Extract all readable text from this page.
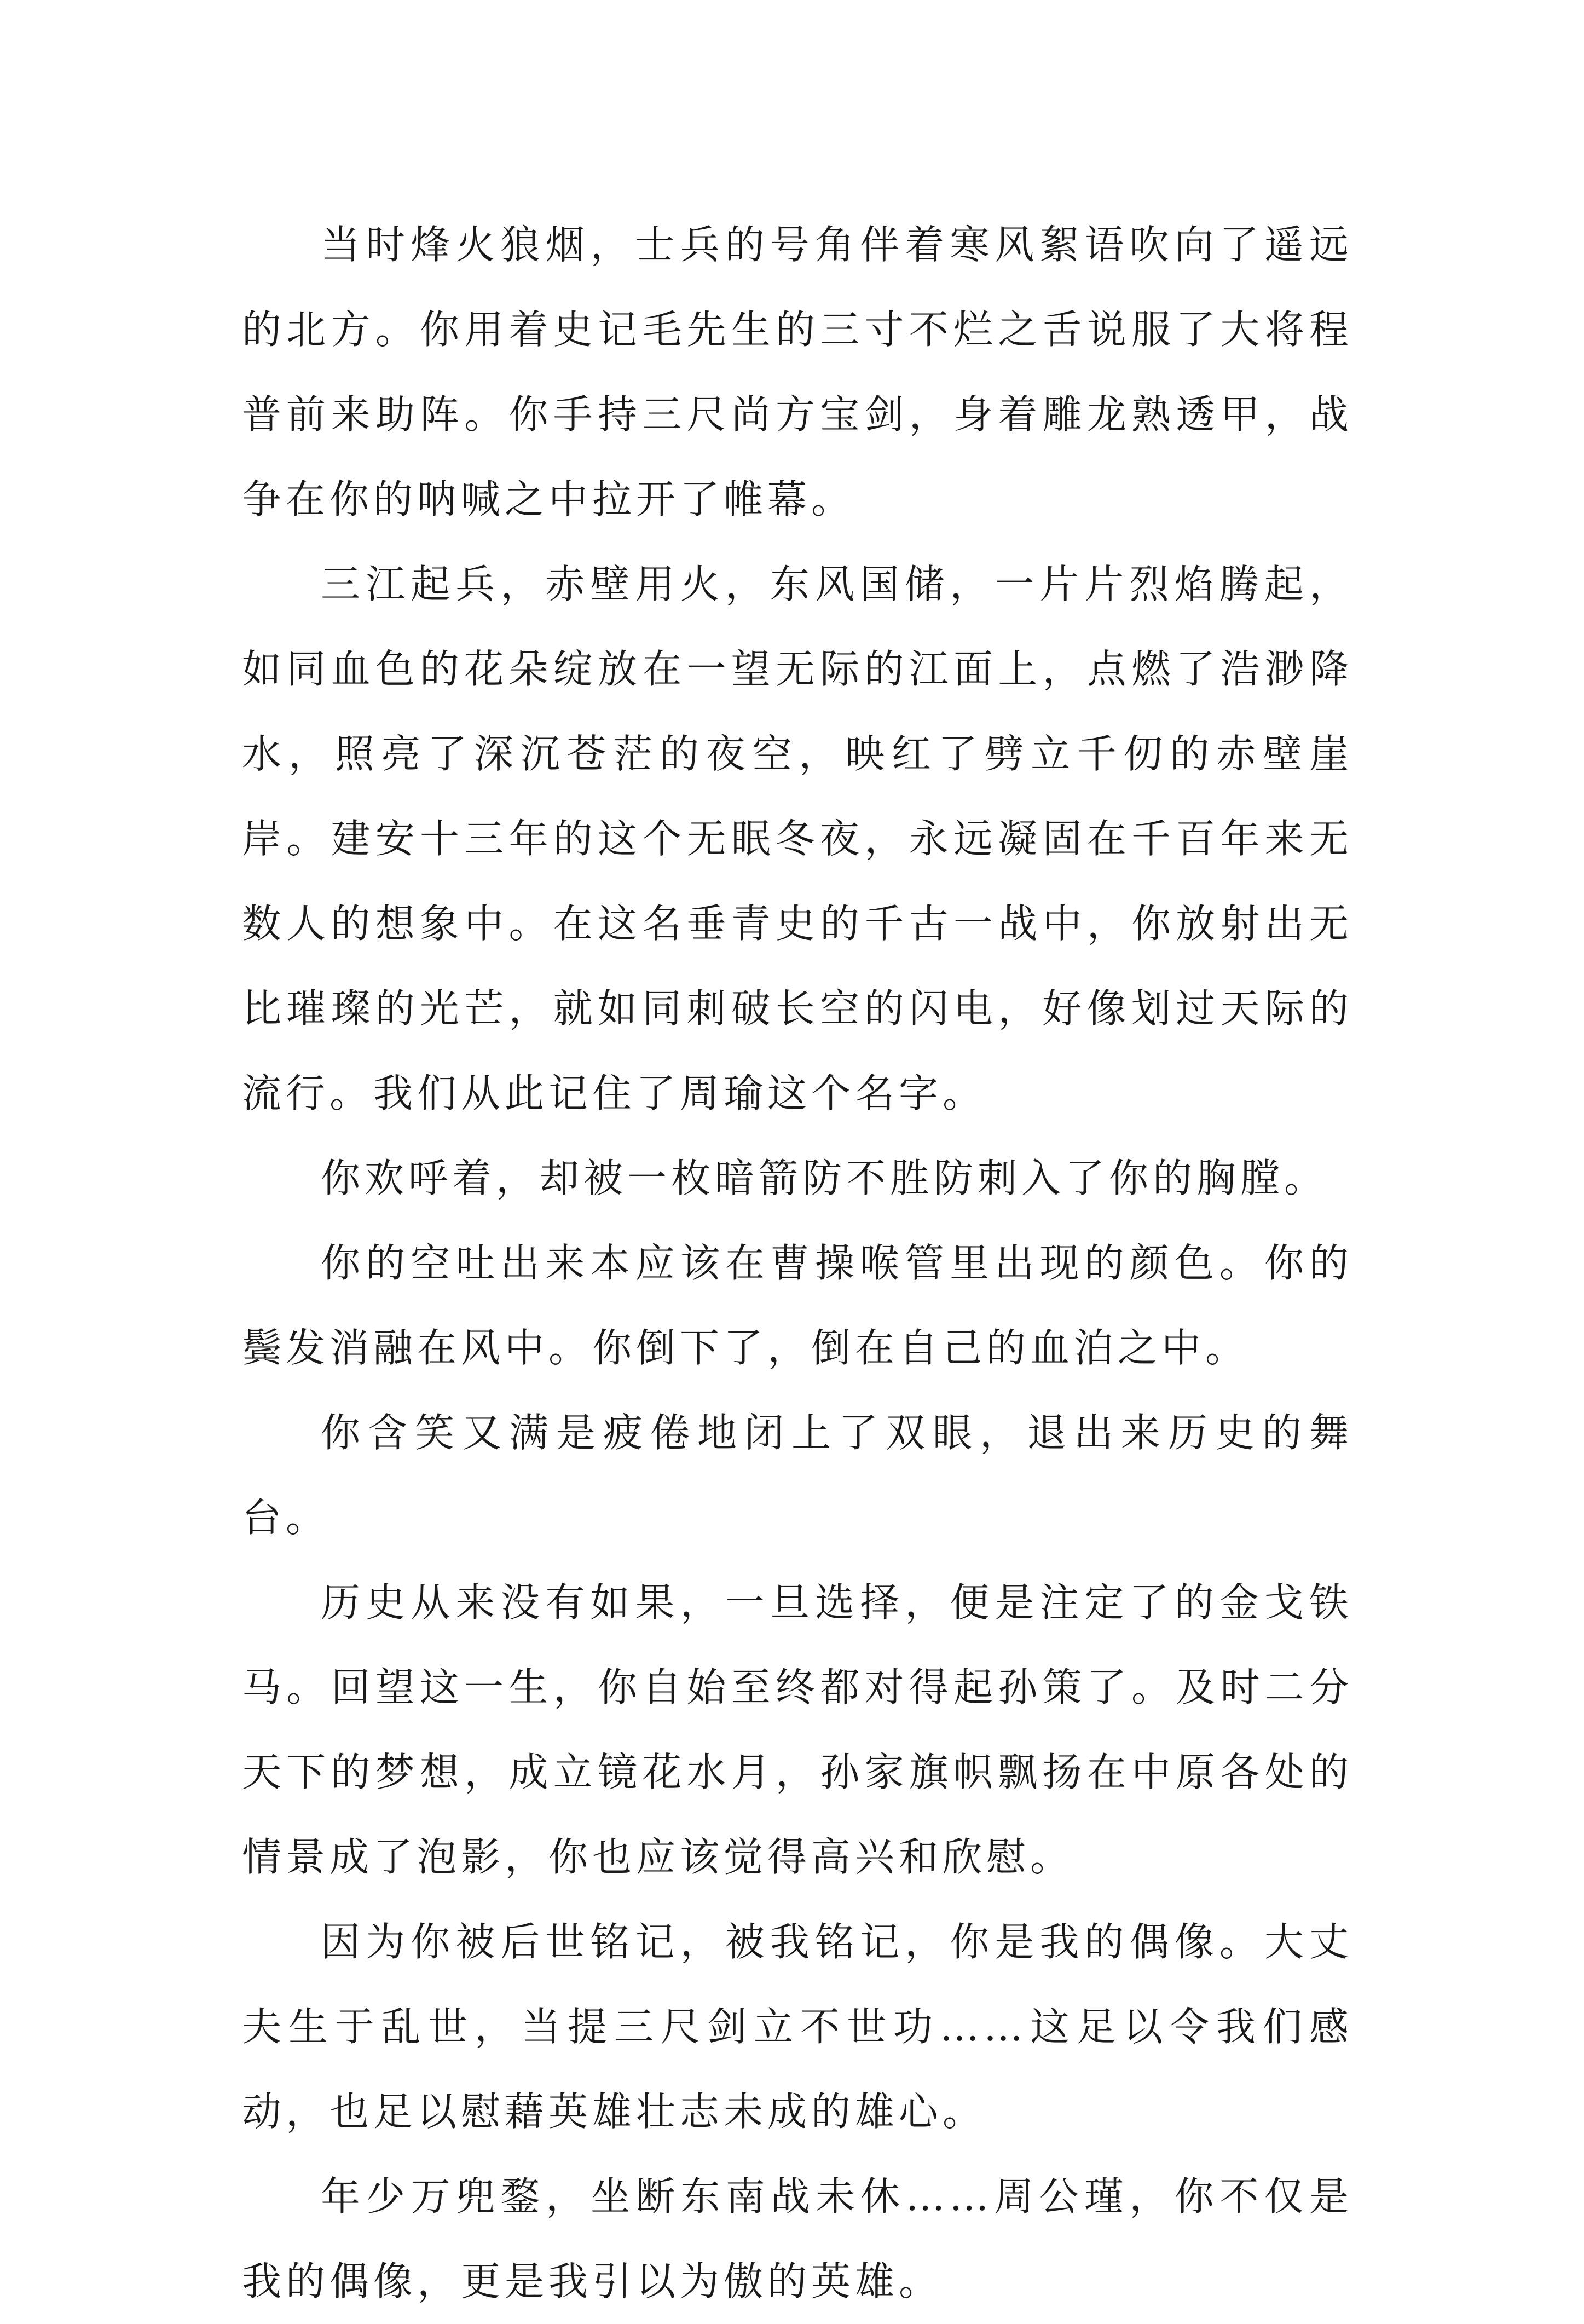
当时烽火狼烟，士兵的号角伴着寒风絮语吹向了遥远的北方。你用着史记毛先生的三寸不烂之舌说服了大将程普前来助阵。你手持三尺尚方宝剑，身着雕龙熟透甲，战争在你的呐喊之中拉开了帷幕。

三江起兵，赤壁用火，东风国储，一片片烈焰腾起，如同血色的花朵绽放在一望无际的江面上，点燃了浩渺降水，照亮了深沉苍茫的夜空，映红了劈立千仞的赤壁崖岸。建安十三年的这个无眠冬夜，永远凝固在千百年来无数人的想象中。在这名垂青史的千古一战中，你放射出无比璀璨的光芒，就如同刺破长空的闪电，好像划过天际的流行。我们从此记住了周瑜这个名字。

你欢呼着，却被一枚暗箭防不胜防刺入了你的胸膛。

你的空吐出来本应该在曹操喉管里出现的颜色。你的鬓发消融在风中。你倒下了，倒在自己的血泊之中。

你含笑又满是疲倦地闭上了双眼，退出来历史的舞台。

历史从来没有如果，一旦选择，便是注定了的金戈铁马。回望这一生，你自始至终都对得起孙策了。及时二分天下的梦想，成立镜花水月，孙家旗帜飘扬在中原各处的情景成了泡影，你也应该觉得高兴和欣慰。

因为你被后世铭记，被我铭记，你是我的偶像。大丈夫生于乱世，当提三尺剑立不世功……这足以令我们感动，也足以慰藉英雄壮志未成的雄心。

年少万兜鍪，坐断东南战未休……周公瑾，你不仅是我的偶像，更是我引以为傲的英雄。
